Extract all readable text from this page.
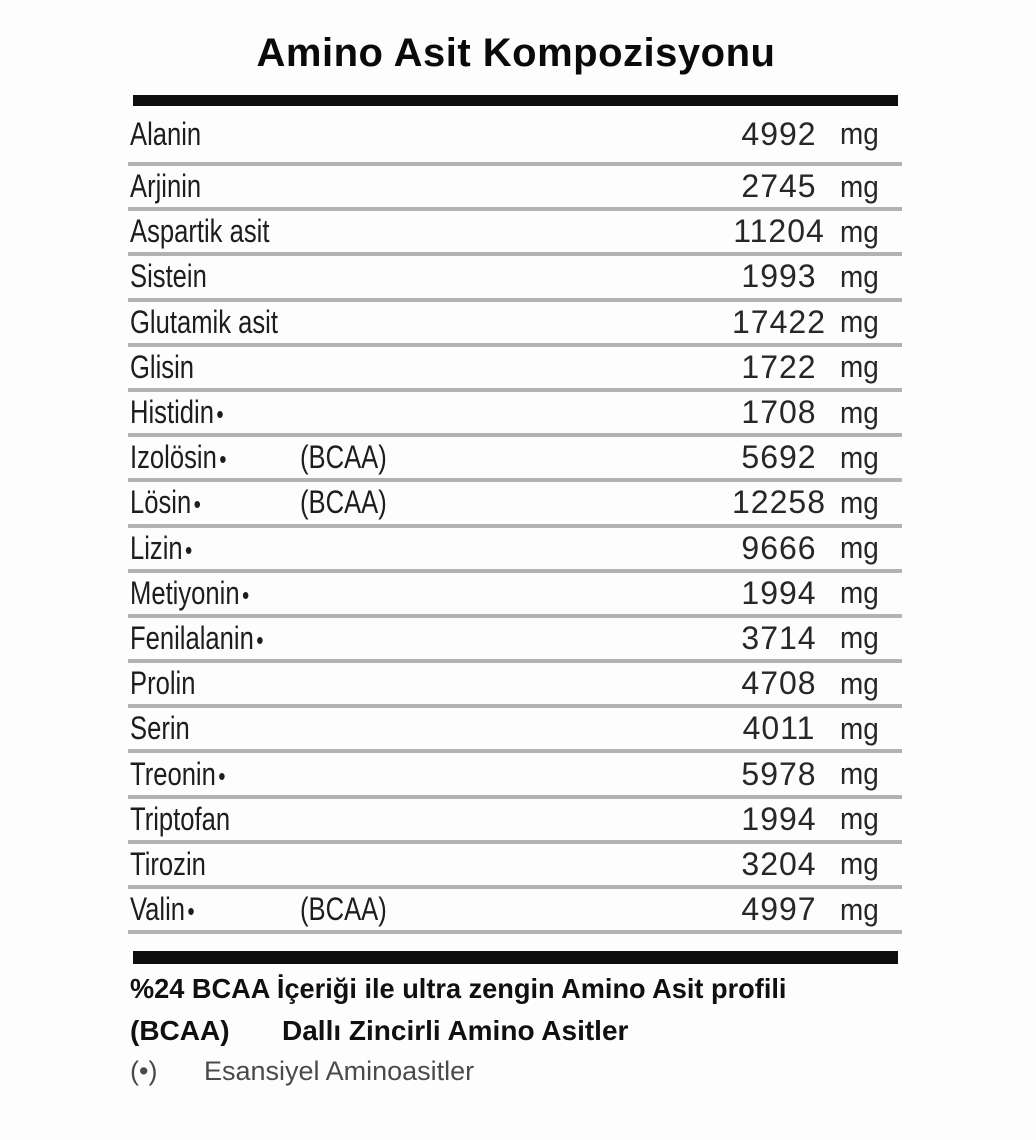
Amino Asit Kompozisyonu
Alanin	4992 mg
Arjinin	2745 mg
Aspartik asit	11204 mg
Sistein	1993 mg
Glutamik asit	17422 mg
Glisin	1722 mg
Histidin•	1708 mg
Izolösin• (BCAA)	5692 mg
Lösin•	(BCAA)	12258 mg
Lizin•	9666 mg
Metiyonin•	1994 mg
Fenilalanin•	3714 mg
Prolin	4708 mg
Serin	4011 mg
Treonin•	5978 mg
Triptofan	1994 mg
Tirozin	3204 mg
Valin•	(BCAA)	4997 mg
%24 BCAA İçeriği ile ultra zengin Amino Asit profili
(BCAA)	Dallı Zincirli Amino Asitler
(•)	Esansiyel Aminoasitler
